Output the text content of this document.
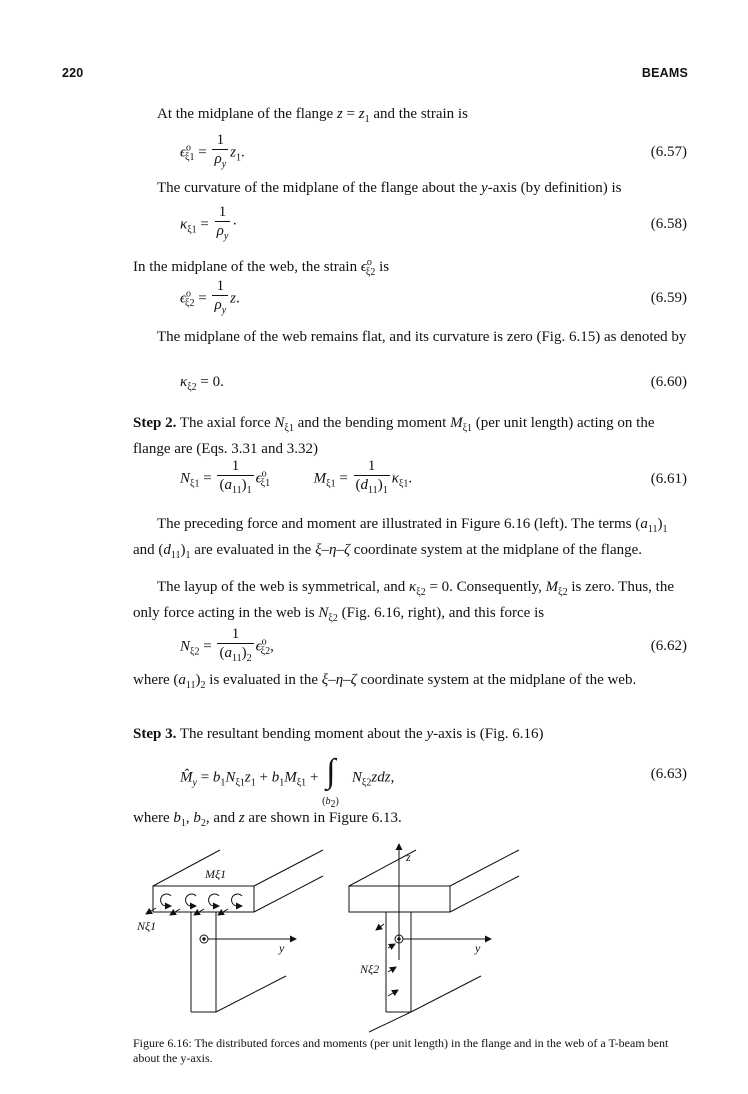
220	BEAMS
At the midplane of the flange $z = z_1$ and the strain is
$\epsilon^o_{\xi 1} = \frac{1}{\rho_y} z_1$.	(6.57)
The curvature of the midplane of the flange about the y-axis (by definition) is
$\kappa_{\xi 1} = \frac{1}{\rho_y}$ ·	(6.58)
In the midplane of the web, the strain $\epsilon^o_{\xi 2}$ is
$\epsilon^o_{\xi 2} = \frac{1}{\rho_y} z$.	(6.59)
The midplane of the web remains flat, and its curvature is zero (Fig. 6.15) as denoted by
$\kappa_{\xi 2} = 0$.	(6.60)
Step 2. The axial force $N_{\xi 1}$ and the bending moment $M_{\xi 1}$ (per unit length) acting on the flange are (Eqs. 3.31 and 3.32)
$N_{\xi 1} = \frac{1}{(a_{11})_1} \epsilon^o_{\xi 1}$	$M_{\xi 1} = \frac{1}{(d_{11})_1} \kappa_{\xi 1}$.	(6.61)
The preceding force and moment are illustrated in Figure 6.16 (left). The terms $(a_{11})_1$ and $(d_{11})_1$ are evaluated in the ξ–η–ζ coordinate system at the midplane of the flange.
The layup of the web is symmetrical, and $\kappa_{\xi 2} = 0$. Consequently, $M_{\xi 2}$ is zero. Thus, the only force acting in the web is $N_{\xi 2}$ (Fig. 6.16, right), and this force is
$N_{\xi 2} = \frac{1}{(a_{11})_2} \epsilon^o_{\xi 2}$,	(6.62)
where $(a_{11})_2$ is evaluated in the ξ–η–ζ coordinate system at the midplane of the web.
Step 3. The resultant bending moment about the y-axis is (Fig. 6.16)
$M̂_y = b_1N_{\xi 1}z_1 + b_1M_{\xi 1}$ + ∫
$(b_2)$
$N_{\xi 2}zdz$,	(6.63)
where $b_1$, $b_2$, and z are shown in Figure 6.13.
Mξ1
Nξ1
y
z
y
Nξ2
Figure 6.16: The distributed forces and moments (per unit length) in the flange and in the web of a T-beam bent about the y-axis.
